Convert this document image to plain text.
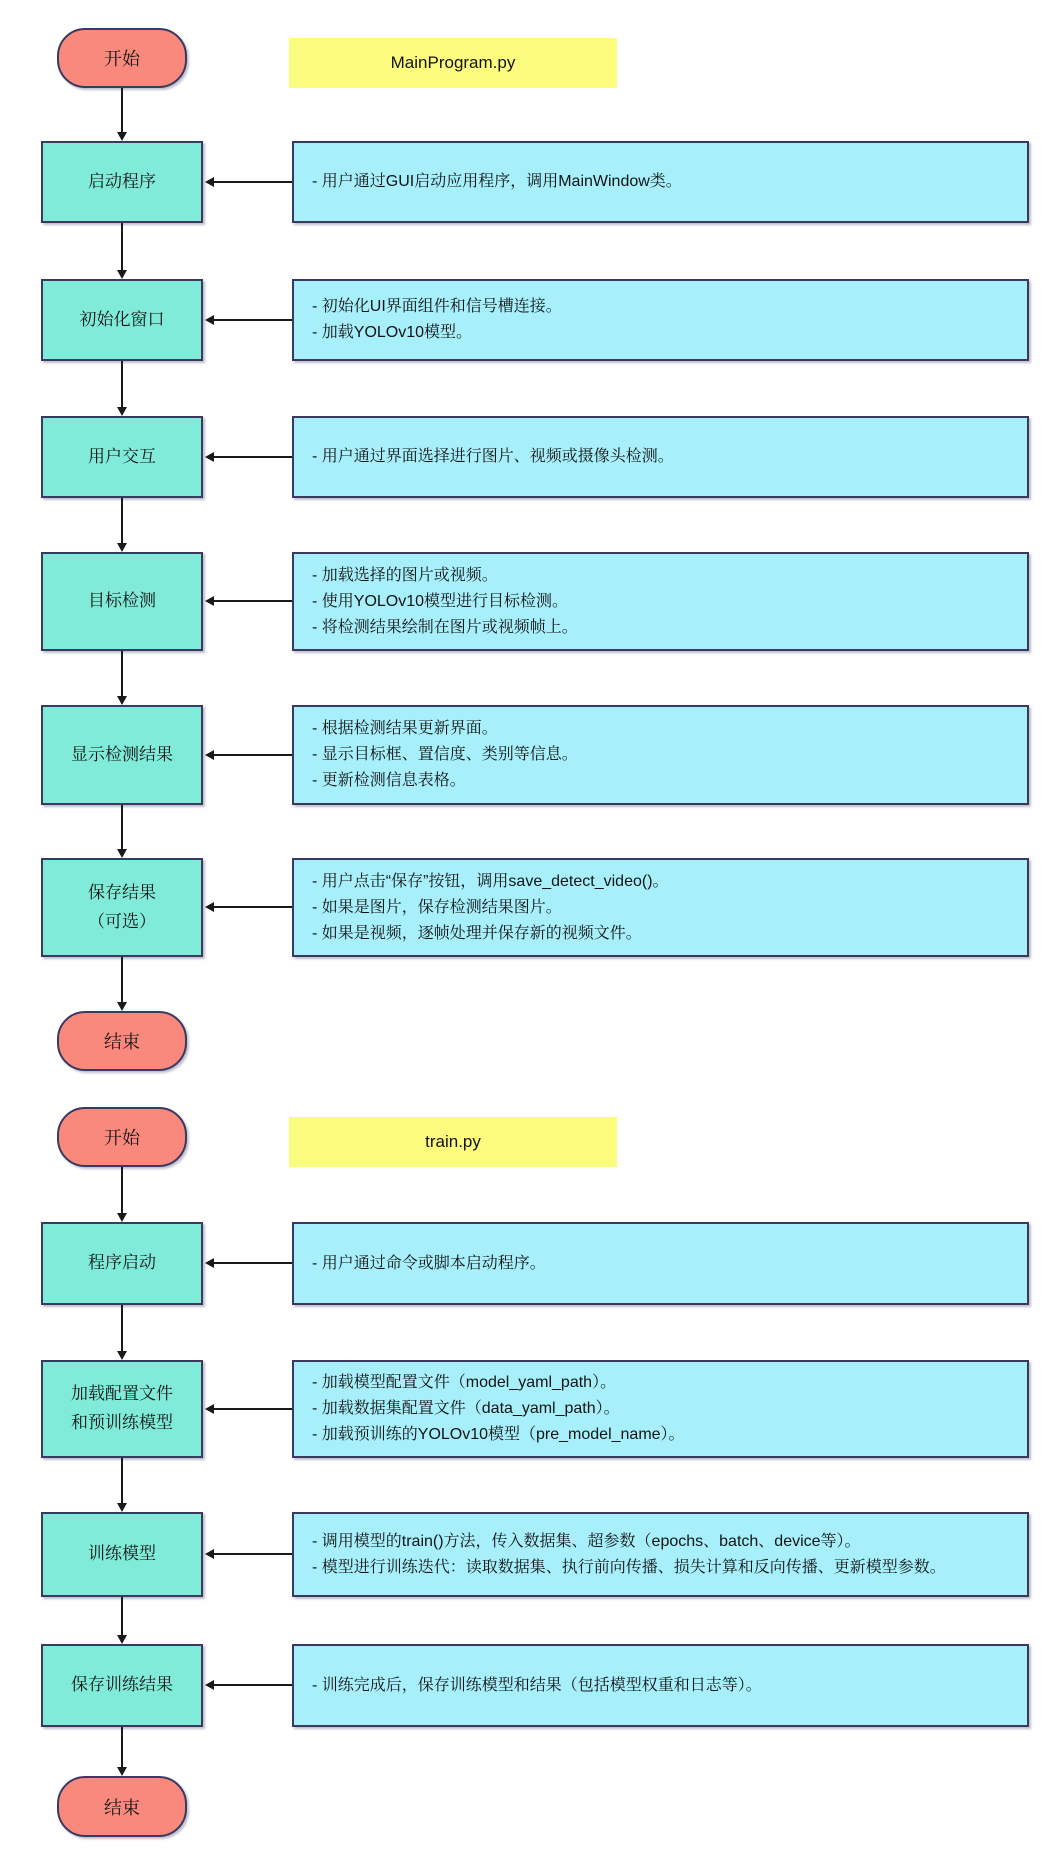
开始	MainProgram.py
启动程序	- 用户通过GUI启动应用程序，调用MainWindow类。
初始化窗口
- 初始化UI界面组件和信号槽连接。
- 加载YOLOv10模型。
用户交互	- 用户通过界面选择进行图片、视频或摄像头检测。
目标检测
- 加载选择的图片或视频。
- 使用YOLOv10模型进行目标检测。
- 将检测结果绘制在图片或视频帧上。
显示检测结果
- 根据检测结果更新界面。
- 显示目标框、置信度、类别等信息。
- 更新检测信息表格。
保存结果
（可选）
- 用户点击“保存”按钮，调用save_detect_video()。
- 如果是图片，保存检测结果图片。
- 如果是视频，逐帧处理并保存新的视频文件。
结束
开始	train.py
程序启动	- 用户通过命令或脚本启动程序。
加载配置文件
和预训练模型
- 加载模型配置文件（model_yaml_path）。
- 加载数据集配置文件（data_yaml_path）。
- 加载预训练的YOLOv10模型（pre_model_name）。
训练模型
- 调用模型的train()方法，传入数据集、超参数（epochs、batch、device等）。
- 模型进行训练迭代：读取数据集、执行前向传播、损失计算和反向传播、更新模型参数。
保存训练结果	- 训练完成后，保存训练模型和结果（包括模型权重和日志等）。
结束
